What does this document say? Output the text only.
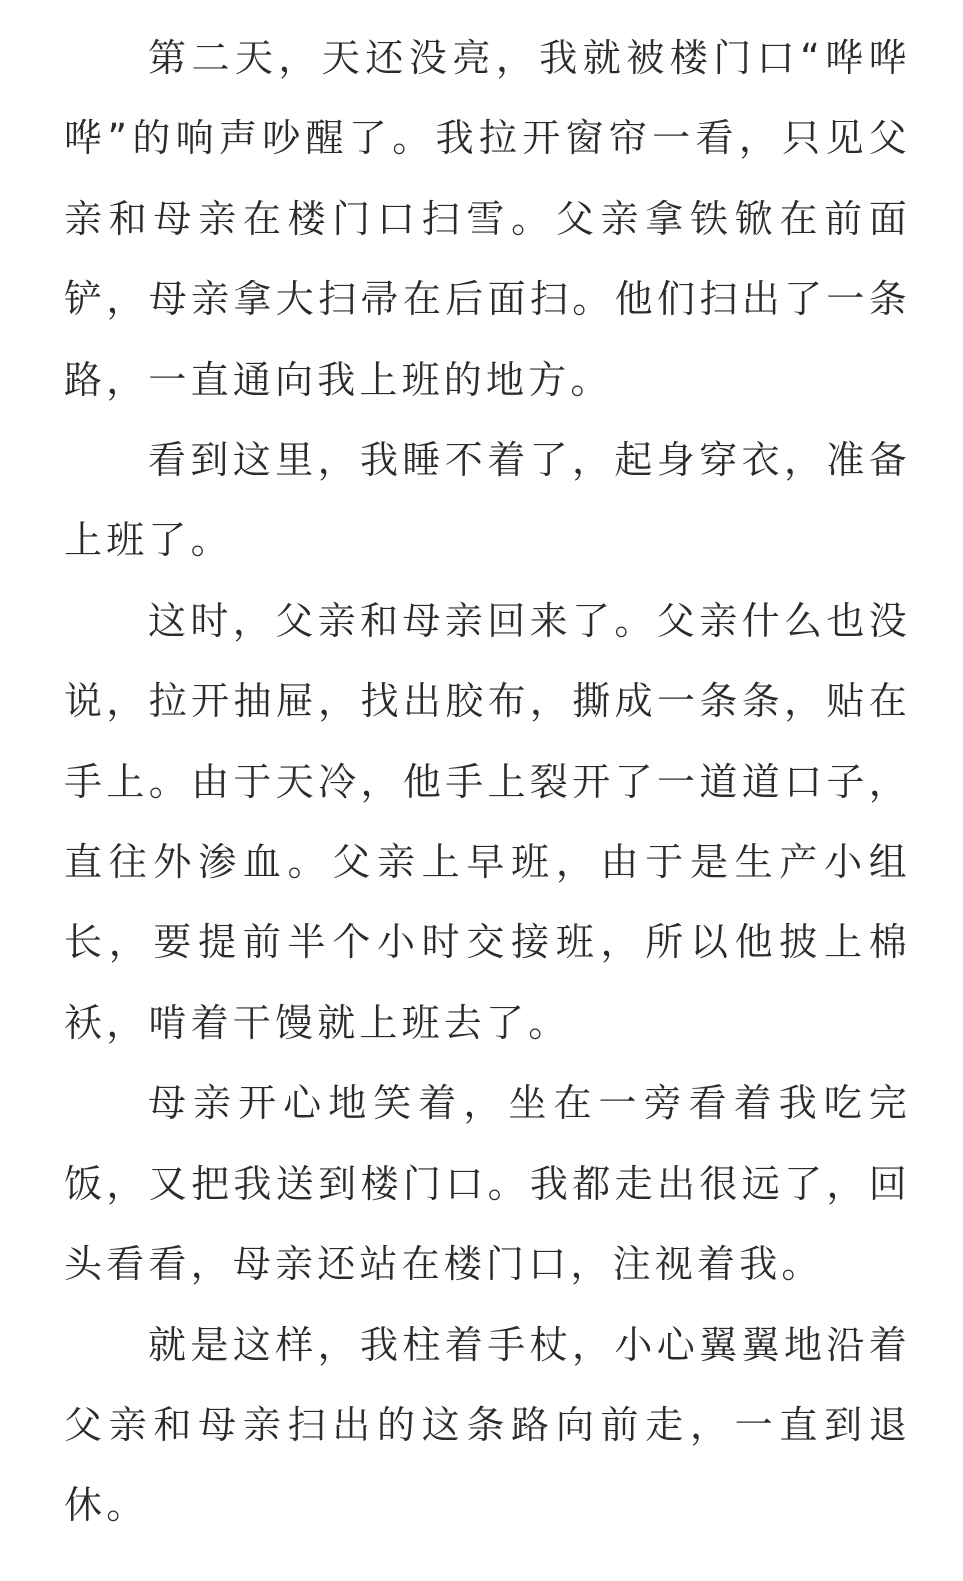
第二天，天还没亮，我就被楼门口“哗哗哗”的响声吵醒了。我拉开窗帘一看，只见父亲和母亲在楼门口扫雪。父亲拿铁锨在前面铲，母亲拿大扫帚在后面扫。他们扫出了一条路，一直通向我上班的地方。

看到这里，我睡不着了，起身穿衣，准备上班了。

这时，父亲和母亲回来了。父亲什么也没说，拉开抽屉，找出胶布，撕成一条条，贴在手上。由于天冷，他手上裂开了一道道口子，直往外渗血。父亲上早班，由于是生产小组长，要提前半个小时交接班，所以他披上棉袄，啃着干馒就上班去了。

母亲开心地笑着，坐在一旁看着我吃完饭，又把我送到楼门口。我都走出很远了，回头看看，母亲还站在楼门口，注视着我。

就是这样，我柱着手杖，小心翼翼地沿着父亲和母亲扫出的这条路向前走，一直到退休。
